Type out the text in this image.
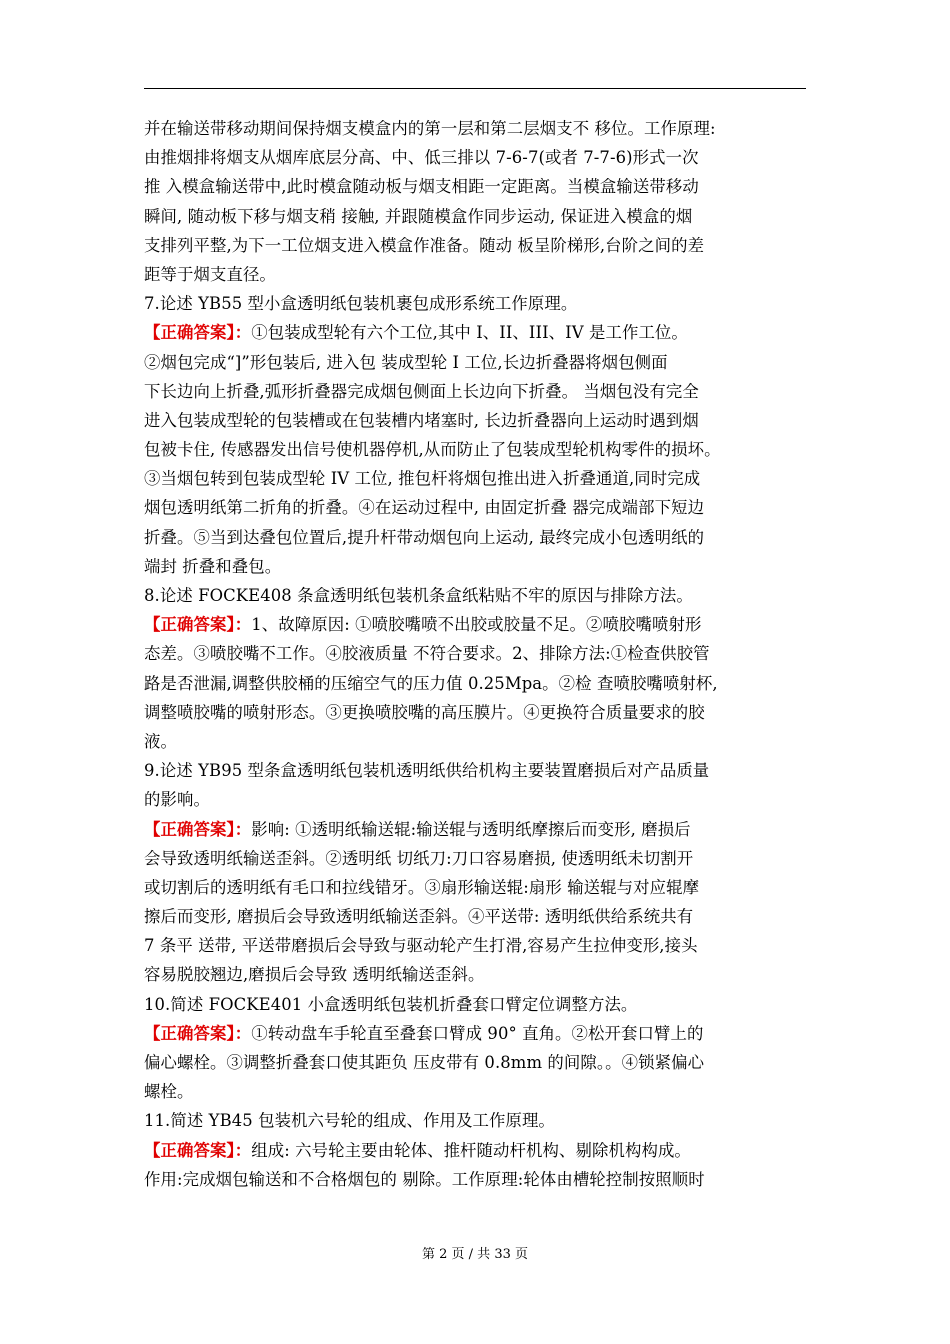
并在输送带移动期间保持烟支模盒内的第一层和第二层烟支不 移位。工作原理:
由推烟排将烟支从烟库底层分高、中、低三排以 7-6-7(或者 7-7-6)形式一次
推 入模盒输送带中,此时模盒随动板与烟支相距一定距离。当模盒输送带移动
瞬间, 随动板下移与烟支稍 接触, 并跟随模盒作同步运动, 保证进入模盒的烟
支排列平整,为下一工位烟支进入模盒作准备。随动 板呈阶梯形,台阶之间的差
距等于烟支直径。
7.论述 YB55 型小盒透明纸包装机裹包成形系统工作原理。
【正确答案】：①包装成型轮有六个工位,其中 I、II、III、IV 是工作工位。
②烟包完成“]”形包装后, 进入包 装成型轮 I 工位,长边折叠器将烟包侧面
下长边向上折叠,弧形折叠器完成烟包侧面上长边向下折叠。 当烟包没有完全
进入包装成型轮的包装槽或在包装槽内堵塞时, 长边折叠器向上运动时遇到烟
包被卡住, 传感器发出信号使机器停机,从而防止了包装成型轮机构零件的损坏。
③当烟包转到包装成型轮 IV 工位, 推包杆将烟包推出进入折叠通道,同时完成
烟包透明纸第二折角的折叠。④在运动过程中, 由固定折叠 器完成端部下短边
折叠。⑤当到达叠包位置后,提升杆带动烟包向上运动, 最终完成小包透明纸的
端封 折叠和叠包。
8.论述 FOCKE408 条盒透明纸包装机条盒纸粘贴不牢的原因与排除方法。
【正确答案】：1、故障原因: ①喷胶嘴喷不出胶或胶量不足。②喷胶嘴喷射形
态差。③喷胶嘴不工作。④胶液质量 不符合要求。2、排除方法:①检查供胶管
路是否泄漏,调整供胶桶的压缩空气的压力值 0.25Mpa。②检 查喷胶嘴喷射杯,
调整喷胶嘴的喷射形态。③更换喷胶嘴的高压膜片。④更换符合质量要求的胶
液。
9.论述 YB95 型条盒透明纸包装机透明纸供给机构主要装置磨损后对产品质量
的影响。
【正确答案】：影响: ①透明纸输送辊:输送辊与透明纸摩擦后而变形, 磨损后
会导致透明纸输送歪斜。②透明纸 切纸刀:刀口容易磨损, 使透明纸未切割开
或切割后的透明纸有毛口和拉线错牙。③扇形输送辊:扇形 输送辊与对应辊摩
擦后而变形, 磨损后会导致透明纸输送歪斜。④平送带: 透明纸供给系统共有
7 条平 送带, 平送带磨损后会导致与驱动轮产生打滑,容易产生拉伸变形,接头
容易脱胶翘边,磨损后会导致 透明纸输送歪斜。
10.简述 FOCKE401 小盒透明纸包装机折叠套口臂定位调整方法。
【正确答案】：①转动盘车手轮直至叠套口臂成 90° 直角。②松开套口臂上的
偏心螺栓。③调整折叠套口使其距负 压皮带有 0.8mm 的间隙。。④锁紧偏心
螺栓。
11.简述 YB45 包装机六号轮的组成、作用及工作原理。
【正确答案】：组成: 六号轮主要由轮体、推杆随动杆机构、剔除机构构成。
作用:完成烟包输送和不合格烟包的 剔除。工作原理:轮体由槽轮控制按照顺时
第 2 页 / 共 33 页
